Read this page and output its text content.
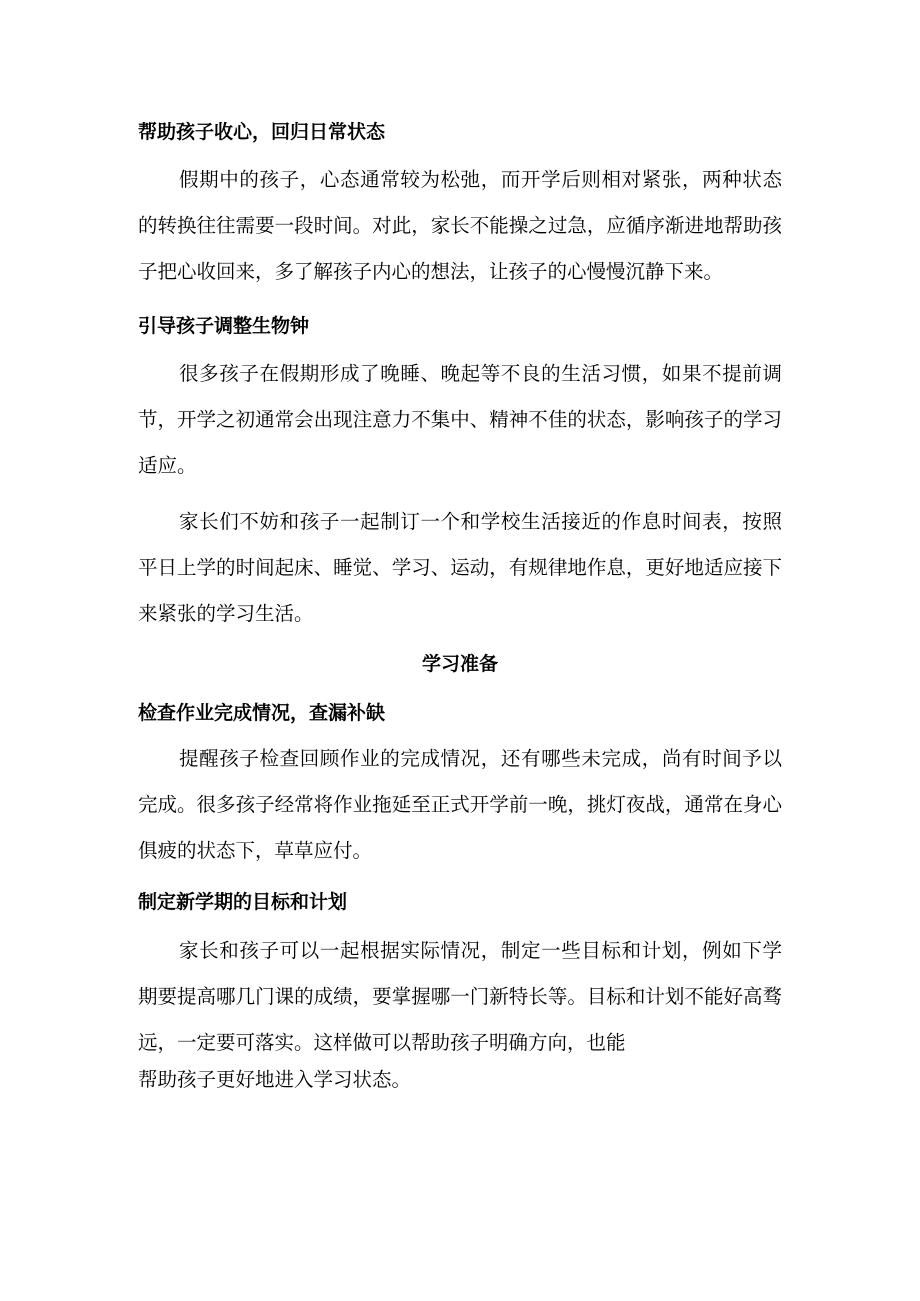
帮助孩子收心，回归日常状态
假期中的孩子，心态通常较为松弛，而开学后则相对紧张，两种状态的转换往往需要一段时间。对此，家长不能操之过急，应循序渐进地帮助孩子把心收回来，多了解孩子内心的想法，让孩子的心慢慢沉静下来。
引导孩子调整生物钟
很多孩子在假期形成了晚睡、晚起等不良的生活习惯，如果不提前调节，开学之初通常会出现注意力不集中、精神不佳的状态，影响孩子的学习适应。
家长们不妨和孩子一起制订一个和学校生活接近的作息时间表，按照平日上学的时间起床、睡觉、学习、运动，有规律地作息，更好地适应接下来紧张的学习生活。
学习准备
检查作业完成情况，查漏补缺
提醒孩子检查回顾作业的完成情况，还有哪些未完成，尚有时间予以完成。很多孩子经常将作业拖延至正式开学前一晚，挑灯夜战，通常在身心俱疲的状态下，草草应付。
制定新学期的目标和计划
家长和孩子可以一起根据实际情况，制定一些目标和计划，例如下学期要提高哪几门课的成绩，要掌握哪一门新特长等。目标和计划不能好高骛远，一定要可落实。这样做可以帮助孩子明确方向，也能
帮助孩子更好地进入学习状态。
